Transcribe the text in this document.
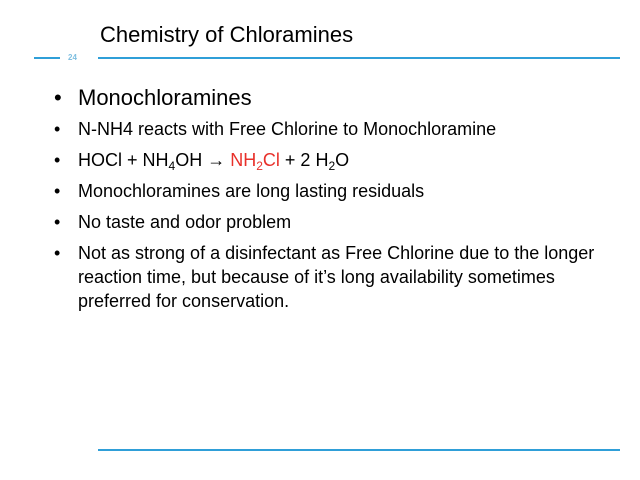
Chemistry of Chloramines
24
• Monochloramines
• N-NH4 reacts with Free Chlorine to Monochloramine
• HOCl + $NH_4OH \to NH_2Cl + 2$ $H_2O$
• Monochloramines are long lasting residuals
• No taste and odor problem
• Not as strong of a disinfectant as Free Chlorine due to the longer reaction time, but because of it’s long availability sometimes preferred for conservation.
